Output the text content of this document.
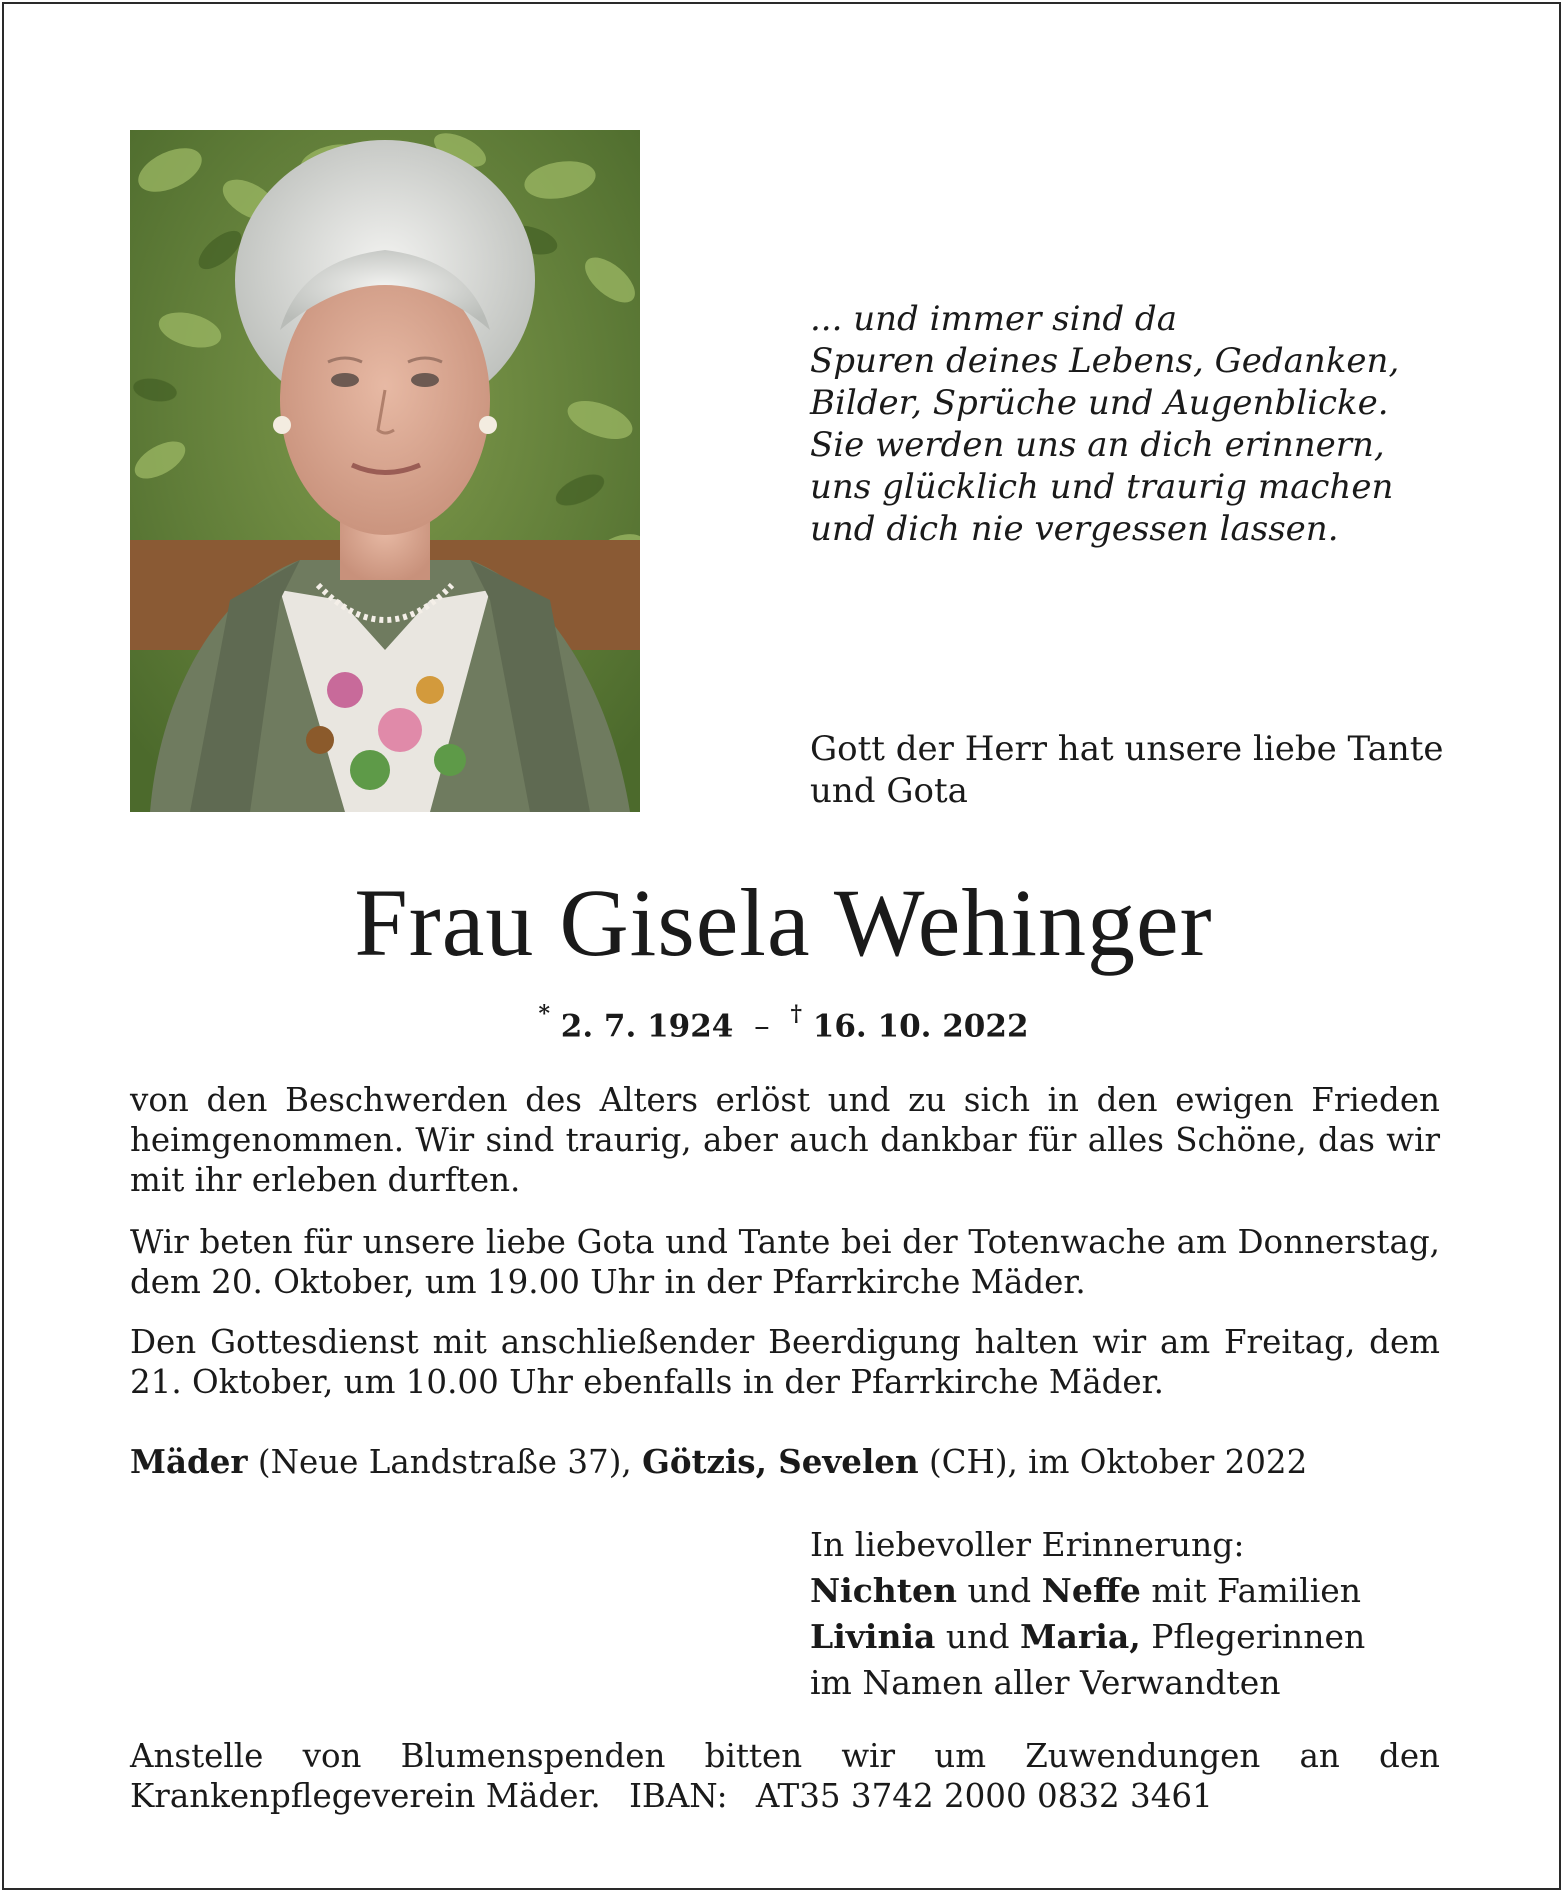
... und immer sind da
Spuren deines Lebens, Gedanken,
Bilder, Sprüche und Augenblicke.
Sie werden uns an dich erinnern,
uns glücklich und traurig machen
und dich nie vergessen lassen.
Gott der Herr hat unsere liebe Tante
und Gota
Frau Gisela Wehinger
* 2. 7. 1924 – † 16. 10. 2022
von den Beschwerden des Alters erlöst und zu sich in den ewigen Frieden heimgenommen. Wir sind traurig, aber auch dankbar für alles Schöne, das wir mit ihr erleben durften.
Wir beten für unsere liebe Gota und Tante bei der Totenwache am Donnerstag, dem 20. Oktober, um 19.00 Uhr in der Pfarrkirche Mäder.
Den Gottesdienst mit anschließender Beerdigung halten wir am Freitag, dem 21. Oktober, um 10.00 Uhr ebenfalls in der Pfarrkirche Mäder.
Mäder (Neue Landstraße 37), Götzis, Sevelen (CH), im Oktober 2022
In liebevoller Erinnerung:
Nichten und Neffe mit Familien
Livinia und Maria, Pflegerinnen
im Namen aller Verwandten
Anstelle von Blumenspenden bitten wir um Zuwendungen an den Krankenpflegeverein Mäder. IBAN: AT35 3742 2000 0832 3461
